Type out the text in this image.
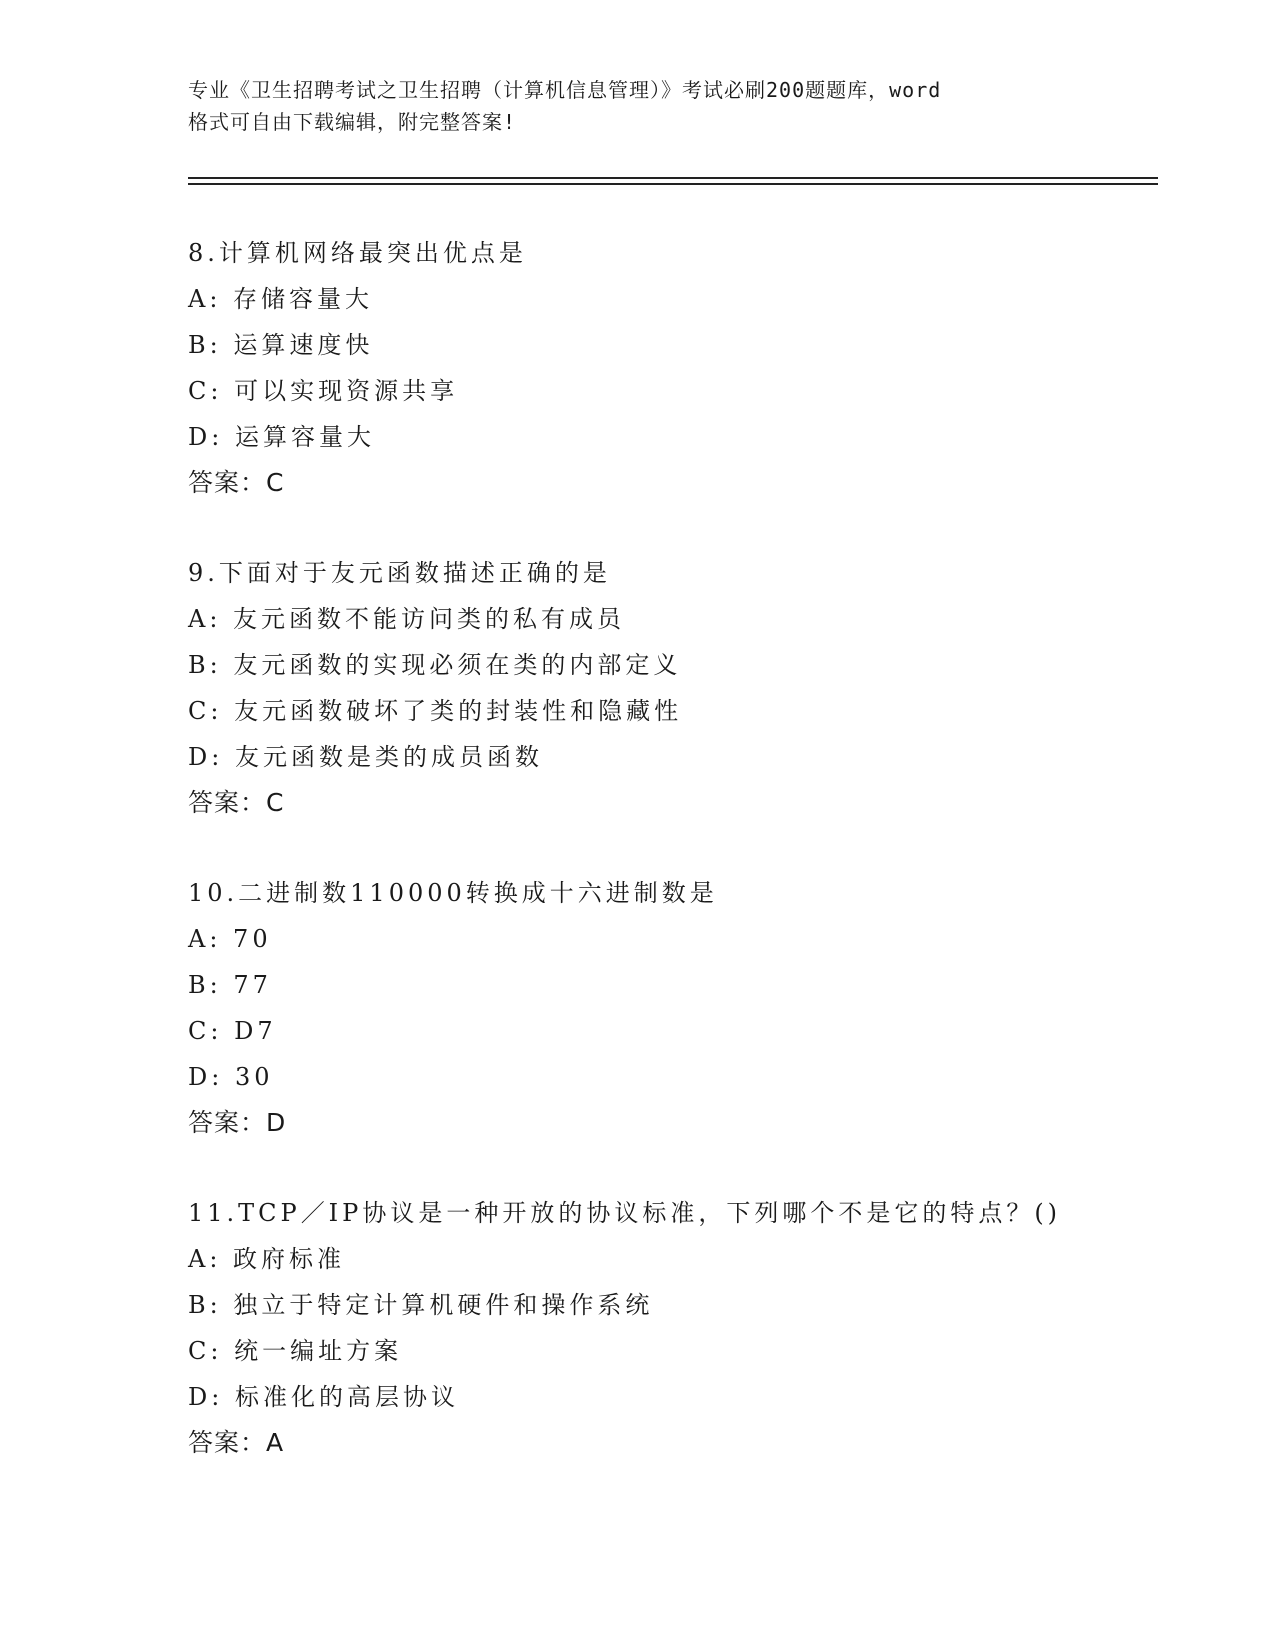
专业《卫生招聘考试之卫生招聘（计算机信息管理）》考试必刷200题题库，word
格式可自由下载编辑，附完整答案!
8.计算机网络最突出优点是
A: 存储容量大
B: 运算速度快
C: 可以实现资源共享
D: 运算容量大
答案：C
9.下面对于友元函数描述正确的是
A: 友元函数不能访问类的私有成员
B: 友元函数的实现必须在类的内部定义
C: 友元函数破坏了类的封装性和隐藏性
D: 友元函数是类的成员函数
答案：C
10.二进制数110000转换成十六进制数是
A: 70
B: 77
C: D7
D: 30
答案：D
11.TCP／IP协议是一种开放的协议标准，下列哪个不是它的特点？()
A: 政府标准
B: 独立于特定计算机硬件和操作系统
C: 统一编址方案
D: 标准化的高层协议
答案：A
